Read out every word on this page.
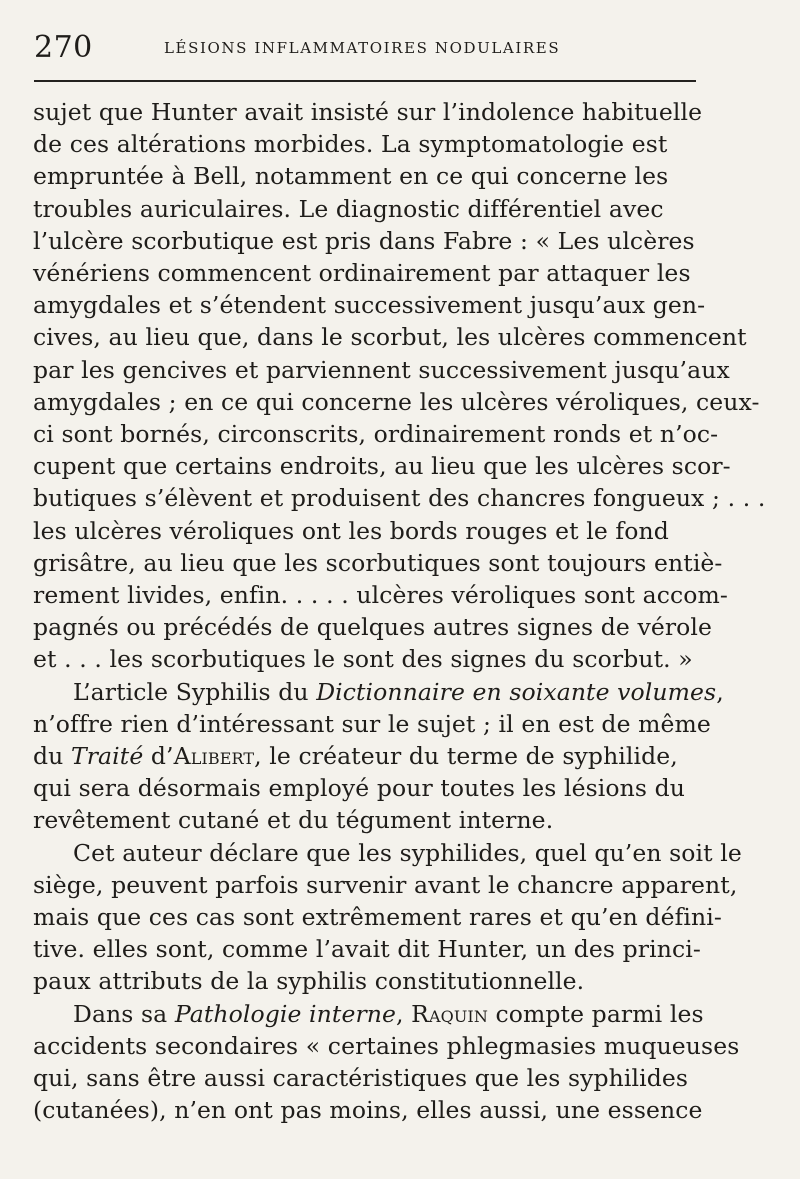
270	LÉSIONS INFLAMMATOIRES NODULAIRES

sujet que Hunter avait insisté sur l’indolence habituelle
de ces altérations morbides. La symptomatologie est
empruntée à Bell, notamment en ce qui concerne les
troubles auriculaires. Le diagnostic différentiel avec
l’ulcère scorbutique est pris dans Fabre : « Les ulcères
vénériens commencent ordinairement par attaquer les
amygdales et s’étendent successivement jusqu’aux gen-
cives, au lieu que, dans le scorbut, les ulcères commencent
par les gencives et parviennent successivement jusqu’aux
amygdales ; en ce qui concerne les ulcères véroliques, ceux-
ci sont bornés, circonscrits, ordinairement ronds et n’oc-
cupent que certains endroits, au lieu que les ulcères scor-
butiques s’élèvent et produisent des chancres fongueux ; . . .
les ulcères véroliques ont les bords rouges et le fond
grisâtre, au lieu que les scorbutiques sont toujours entiè-
rement livides, enfin. . . . . ulcères véroliques sont accom-
pagnés ou précédés de quelques autres signes de vérole
et . . . les scorbutiques le sont des signes du scorbut. »

L’article Syphilis du Dictionnaire en soixante volumes,
n’offre rien d’intéressant sur le sujet ; il en est de même
du Traité d’Alibert, le créateur du terme de syphilide,
qui sera désormais employé pour toutes les lésions du
revêtement cutané et du tégument interne.

Cet auteur déclare que les syphilides, quel qu’en soit le
siège, peuvent parfois survenir avant le chancre apparent,
mais que ces cas sont extrêmement rares et qu’en défini-
tive. elles sont, comme l’avait dit Hunter, un des princi-
paux attributs de la syphilis constitutionnelle.

Dans sa Pathologie interne, Raquin compte parmi les
accidents secondaires « certaines phlegmasies muqueuses
qui, sans être aussi caractéristiques que les syphilides
(cutanées), n’en ont pas moins, elles aussi, une essence
